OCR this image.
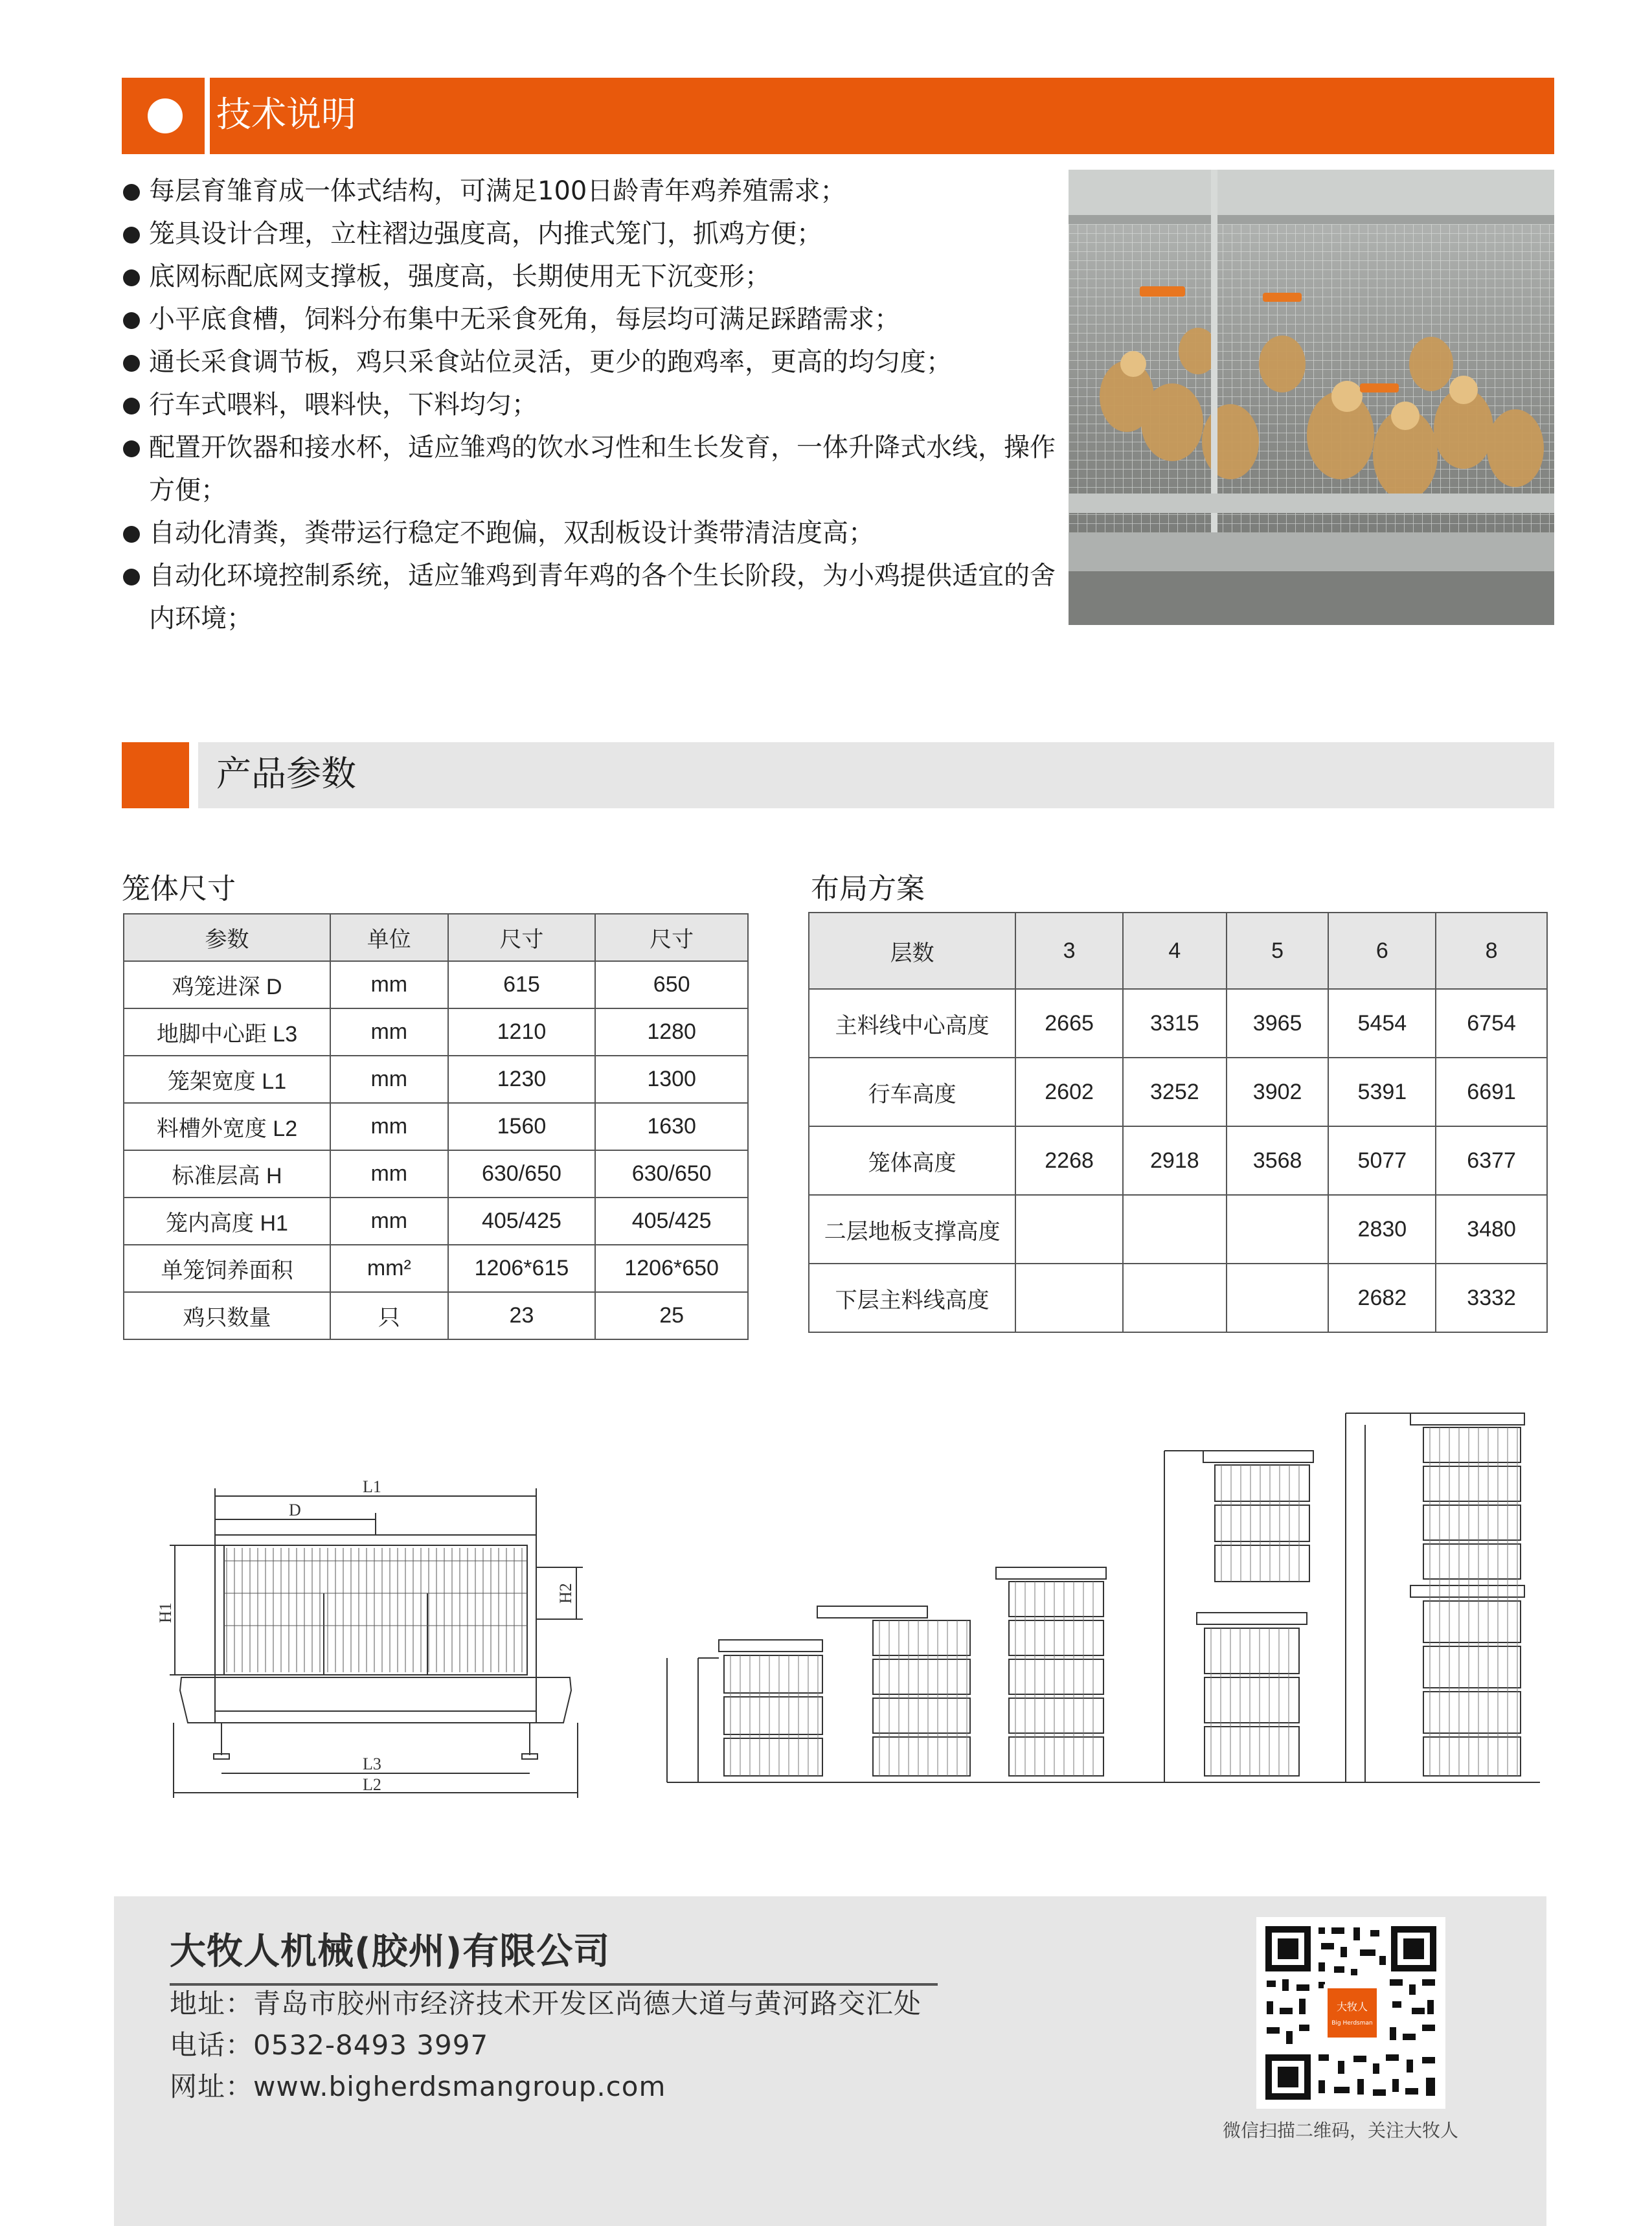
技术说明
每层育雏育成一体式结构，可满足100日龄青年鸡养殖需求；
笼具设计合理，立柱褶边强度高，内推式笼门，抓鸡方便；
底网标配底网支撑板，强度高，长期使用无下沉变形；
小平底食槽，饲料分布集中无采食死角，每层均可满足踩踏需求；
通长采食调节板，鸡只采食站位灵活，更少的跑鸡率，更高的均匀度；
行车式喂料，喂料快，下料均匀；
配置开饮器和接水杯，适应雏鸡的饮水习性和生长发育，一体升降式水线，操作方便；
自动化清粪，粪带运行稳定不跑偏，双刮板设计粪带清洁度高；
自动化环境控制系统，适应雏鸡到青年鸡的各个生长阶段，为小鸡提供适宜的舍内环境；
产品参数
笼体尺寸	布局方案
参数	单位	尺寸	尺寸
鸡笼进深 D	mm	615	650
地脚中心距 L3	mm	1210	1280
笼架宽度 L1	mm	1230	1300
料槽外宽度 L2	mm	1560	1630
标准层高 H	mm	630/650	630/650
笼内高度 H1	mm	405/425	405/425
单笼饲养面积	mm²	1206*615	1206*650
鸡只数量	只	23	25
层数	3	4	5	6	8
主料线中心高度	2665	3315	3965	5454	6754
行车高度	2602	3252	3902	5391	6691
笼体高度	2268	2918	3568	5077	6377
二层地板支撑高度				2830	3480
下层主料线高度				2682	3332
L1
D
H1
H2
L3
L2
大牧人机械(胶州)有限公司
地址：青岛市胶州市经济技术开发区尚德大道与黄河路交汇处
电话：0532-8493 3997
网址：www.bigherdsmangroup.com
大牧人
Big Herdsman
微信扫描二维码，关注大牧人
